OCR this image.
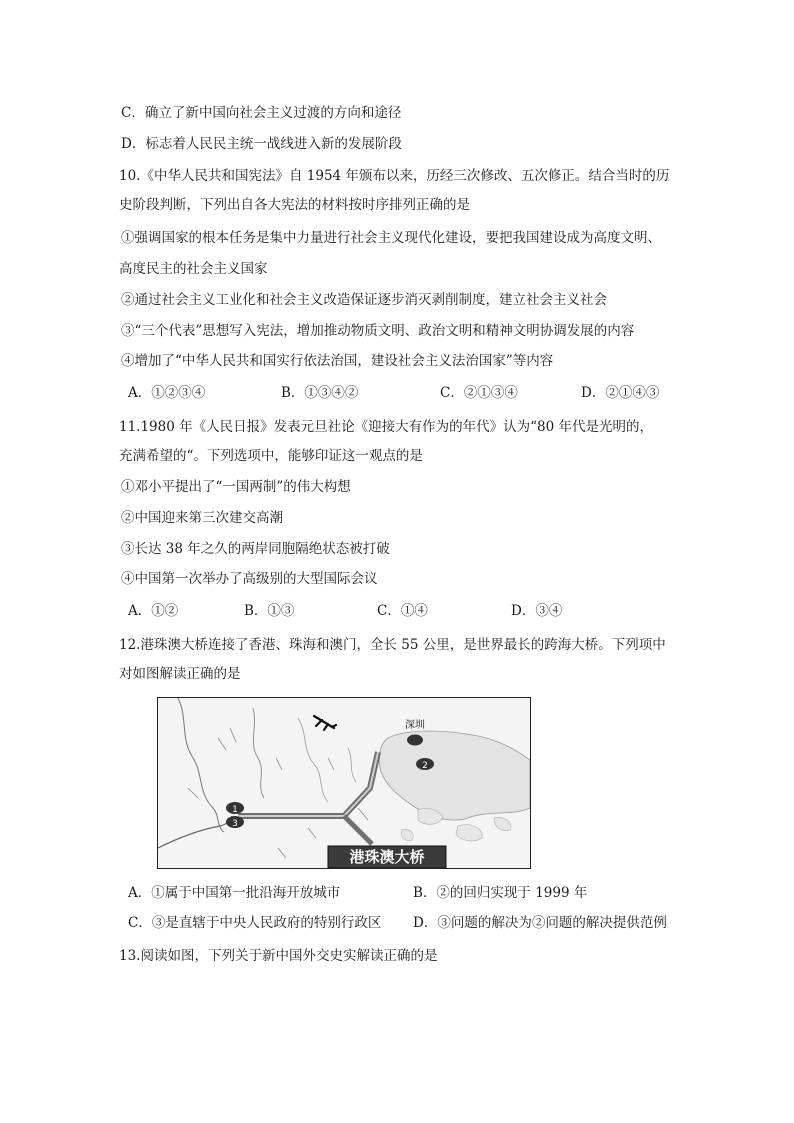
C．确立了新中国向社会主义过渡的方向和途径
D．标志着人民民主统一战线进入新的发展阶段
10.《中华人民共和国宪法》自 1954 年颁布以来，历经三次修改、五次修正。结合当时的历
史阶段判断，下列出自各大宪法的材料按时序排列正确的是
①强调国家的根本任务是集中力量进行社会主义现代化建设，要把我国建设成为高度文明、
高度民主的社会主义国家
②通过社会主义工业化和社会主义改造保证逐步消灭剥削制度，建立社会主义社会
③“三个代表”思想写入宪法，增加推动物质文明、政治文明和精神文明协调发展的内容
④增加了“中华人民共和国实行依法治国，建设社会主义法治国家”等内容
A．①②③④	B．①③④②	C．②①③④	D．②①④③
11.1980 年《人民日报》发表元旦社论《迎接大有作为的年代》认为“80 年代是光明的，
充满希望的“。下列选项中，能够印证这一观点的是
①邓小平提出了“一国两制”的伟大构想
②中国迎来第三次建交高潮
③长达 38 年之久的两岸同胞隔绝状态被打破
④中国第一次举办了高级别的大型国际会议
A．①②	B．①③	C．①④	D．③④
12.港珠澳大桥连接了香港、珠海和澳门，全长 55 公里，是世界最长的跨海大桥。下列项中
对如图解读正确的是
1
3
深圳
2
港珠澳大桥
A．①属于中国第一批沿海开放城市	B．②的回归实现于 1999 年
C．③是直辖于中央人民政府的特别行政区 D．③问题的解决为②问题的解决提供范例
13.阅读如图，下列关于新中国外交史实解读正确的是
